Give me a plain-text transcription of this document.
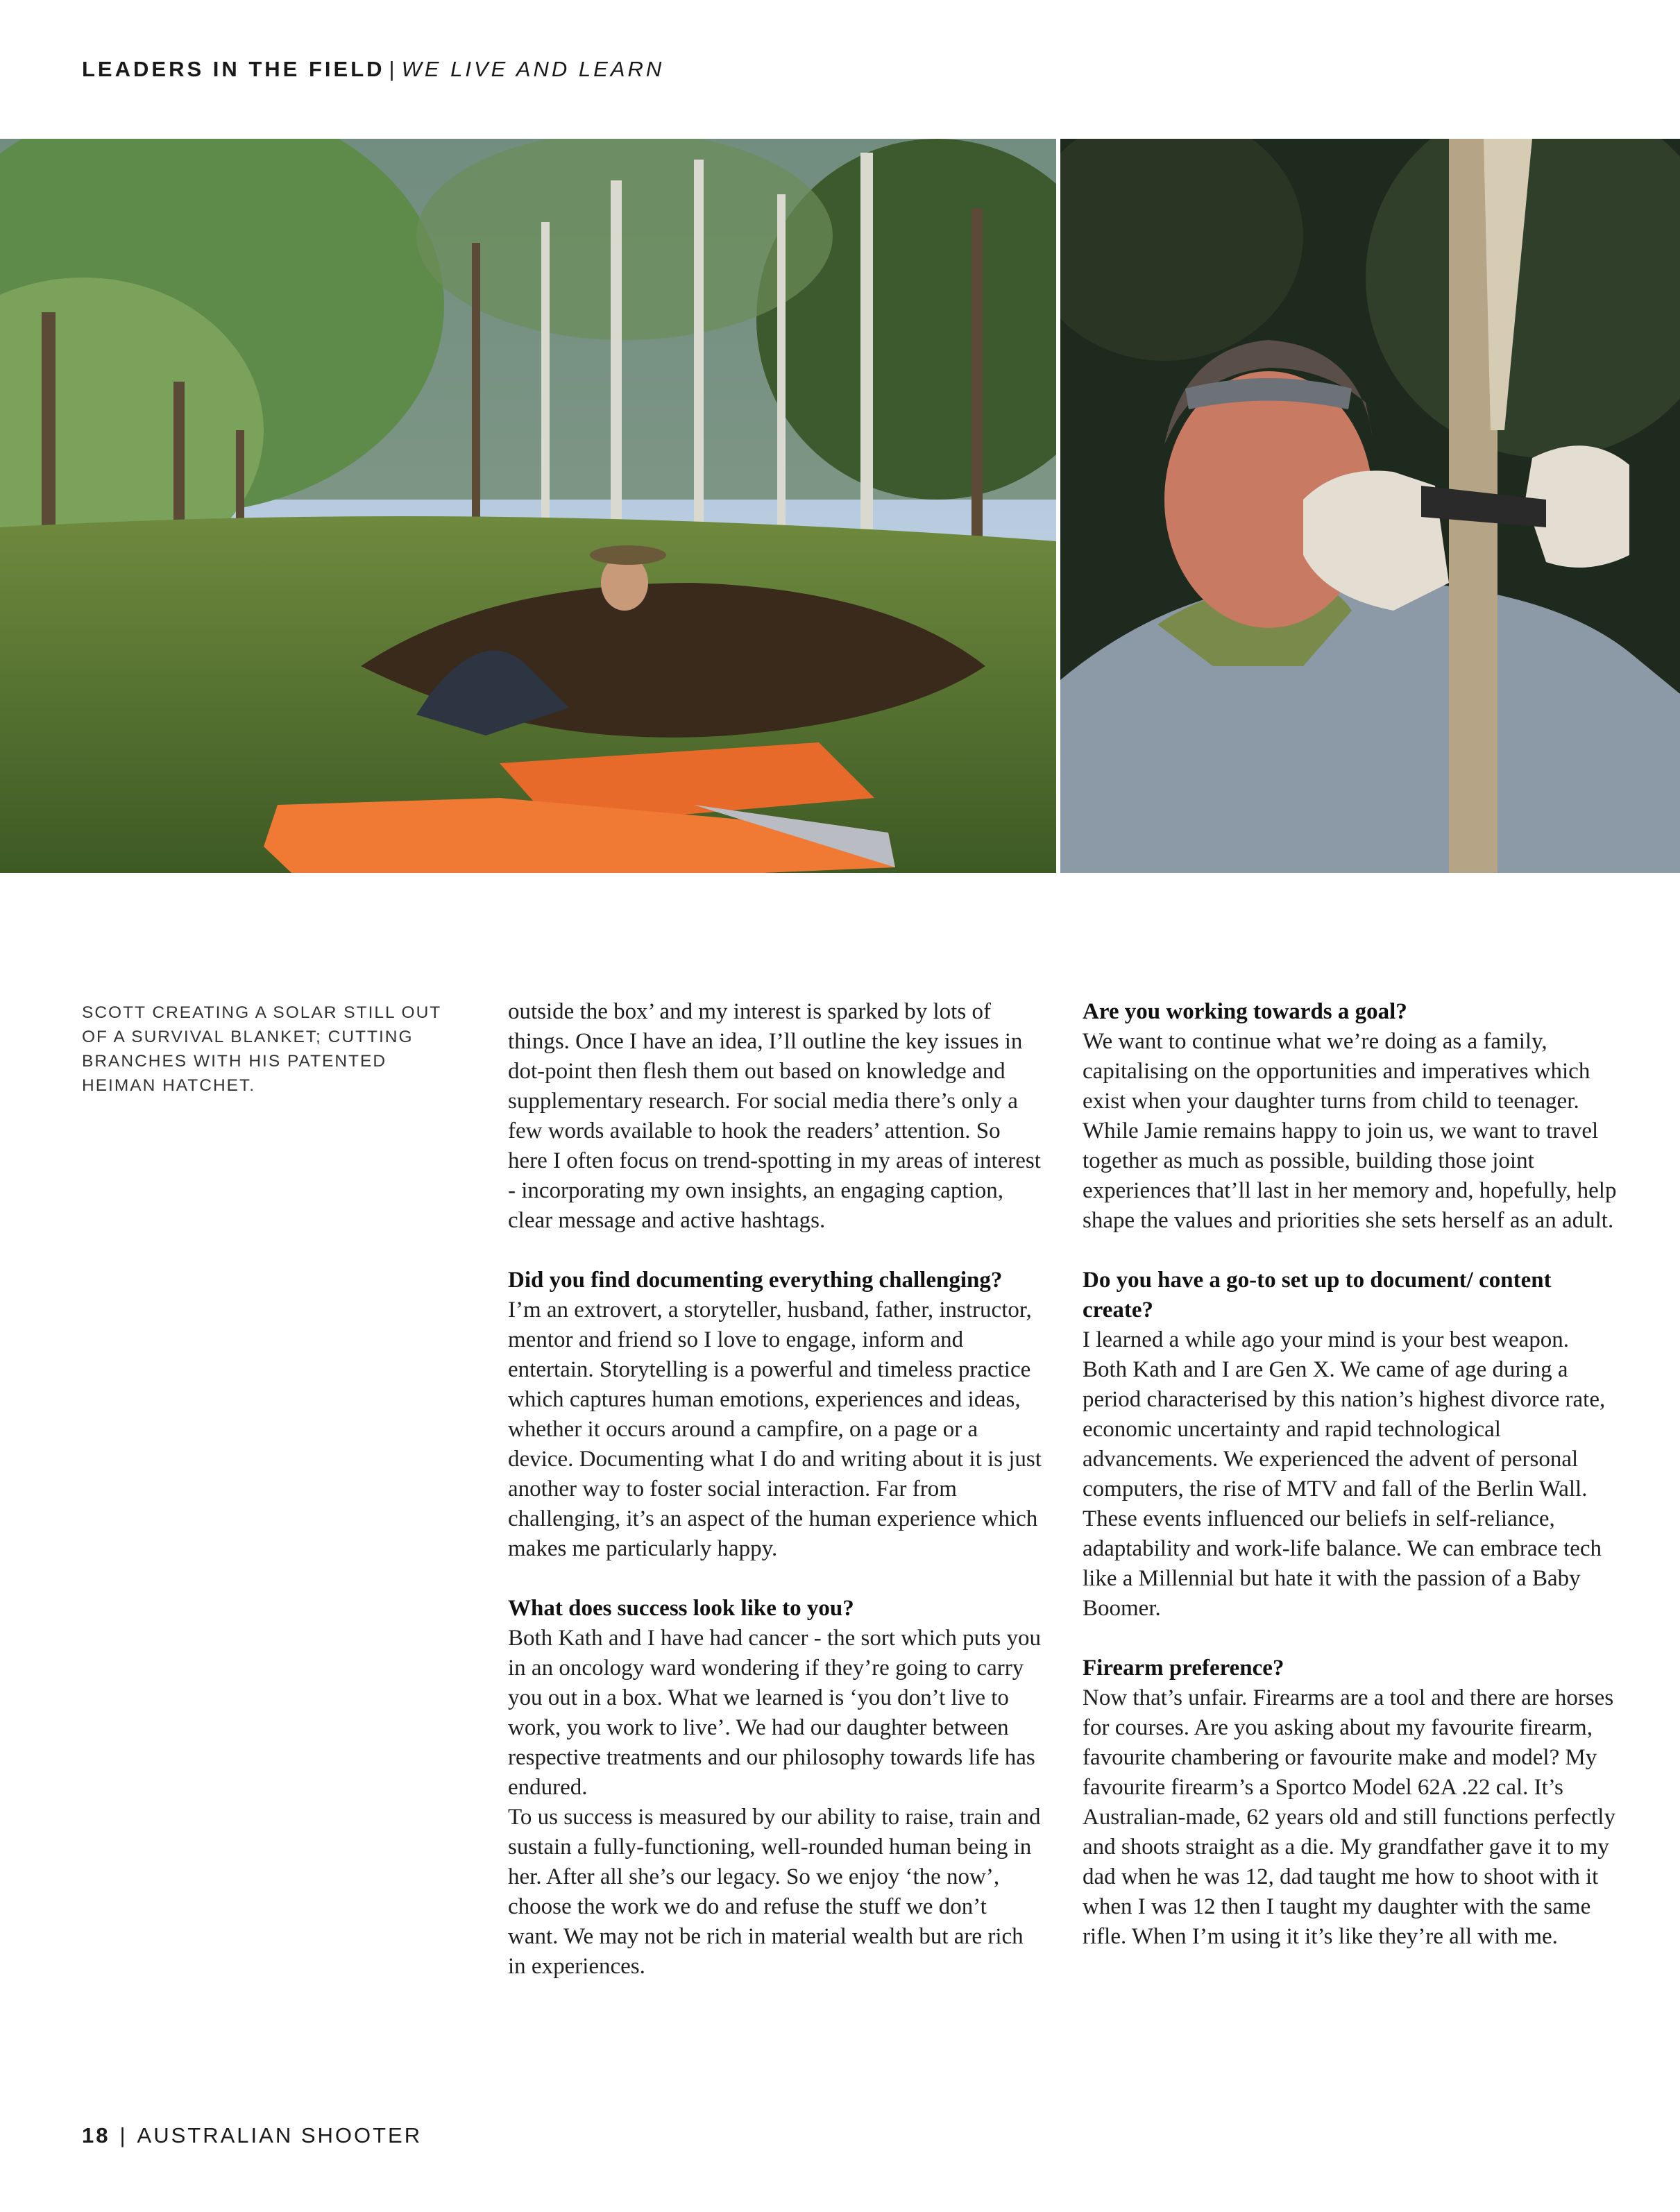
LEADERS IN THE FIELD | WE LIVE AND LEARN
SCOTT CREATING A SOLAR STILL OUT OF A SURVIVAL BLANKET; CUTTING BRANCHES WITH HIS PATENTED HEIMAN HATCHET.

outside the box’ and my interest is sparked by lots of things. Once I have an idea, I’ll outline the key issues in dot-point then flesh them out based on knowledge and supplementary research. For social media there’s only a few words available to hook the readers’ attention. So here I often focus on trend-spotting in my areas of interest - incorporating my own insights, an engaging caption, clear message and active hashtags.

Did you find documenting everything challenging?

I’m an extrovert, a storyteller, husband, father, instructor, mentor and friend so I love to engage, inform and entertain. Storytelling is a powerful and timeless practice which captures human emotions, experiences and ideas, whether it occurs around a campfire, on a page or a device. Documenting what I do and writing about it is just another way to foster social interaction. Far from challenging, it’s an aspect of the human experience which makes me particularly happy.

What does success look like to you?

Both Kath and I have had cancer - the sort which puts you in an oncology ward wondering if they’re going to carry you out in a box. What we learned is ‘you don’t live to work, you work to live’. We had our daughter between respective treatments and our philosophy towards life has endured.

To us success is measured by our ability to raise, train and sustain a fully-functioning, well-rounded human being in her. After all she’s our legacy. So we enjoy ‘the now’, choose the work we do and refuse the stuff we don’t want. We may not be rich in material wealth but are rich in experiences.

Are you working towards a goal?

We want to continue what we’re doing as a family, capitalising on the opportunities and imperatives which exist when your daughter turns from child to teenager. While Jamie remains happy to join us, we want to travel together as much as possible, building those joint experiences that’ll last in her memory and, hopefully, help shape the values and priorities she sets herself as an adult.

Do you have a go-to set up to document/ content create?

I learned a while ago your mind is your best weapon. Both Kath and I are Gen X. We came of age during a period characterised by this nation’s highest divorce rate, economic uncertainty and rapid technological advancements. We experienced the advent of personal computers, the rise of MTV and fall of the Berlin Wall. These events influenced our beliefs in self-reliance, adaptability and work-life balance. We can embrace tech like a Millennial but hate it with the passion of a Baby Boomer.

Firearm preference?

Now that’s unfair. Firearms are a tool and there are horses for courses. Are you asking about my favourite firearm, favourite chambering or favourite make and model? My favourite firearm’s a Sportco Model 62A .22 cal. It’s Australian-made, 62 years old and still functions perfectly and shoots straight as a die. My grandfather gave it to my dad when he was 12, dad taught me how to shoot with it when I was 12 then I taught my daughter with the same rifle. When I’m using it it’s like they’re all with me.

18 | AUSTRALIAN SHOOTER
